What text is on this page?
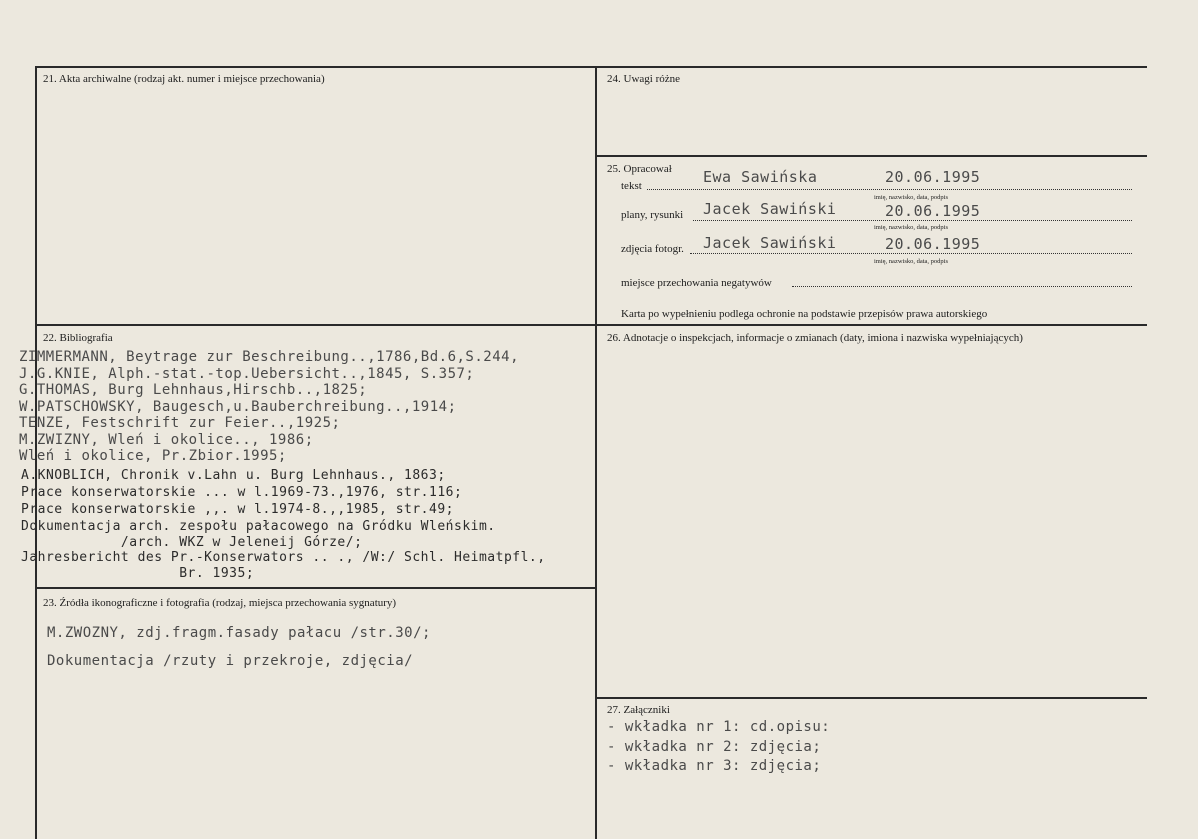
21. Akta archiwalne (rodzaj akt. numer i miejsce przechowania)	24. Uwagi różne
25. Opracował
tekst	Ewa Sawińska	20.06.1995
imię, nazwisko, data, podpis
plany, rysunki Jacek Sawiński	20.06.1995
imię, nazwisko, data, podpis
zdjęcia fotogr. Jacek Sawiński	20.06.1995
imię, nazwisko, data, podpis
miejsce przechowania negatywów
Karta po wypełnieniu podlega ochronie na podstawie przepisów prawa autorskiego
22. Bibliografia
ZIMMERMANN, Beytrage zur Beschreibung..,1786,Bd.6,S.244,
J.G.KNIE, Alph.-stat.-top.Uebersicht..,1845, S.357;
G.THOMAS, Burg Lehnhaus,Hirschb..,1825;
W.PATSCHOWSKY, Baugesch,u.Bauberchreibung..,1914;
TENZE, Festschrift zur Feier..,1925;
M.ZWIZNY, Wleń i okolice.., 1986;
Wleń i okolice, Pr.Zbior.1995;
A.KNOBLICH, Chronik v.Lahn u. Burg Lehnhaus., 1863;
Prace konserwatorskie ... w l.1969-73.,1976, str.116;
Prace konserwatorskie ,,. w l.1974-8.,,1985, str.49;
Dokumentacja arch. zespołu pałacowego na Gródku Wleńskim.
/arch. WKZ w Jeleneij Górze/;
Jahresbericht des Pr.-Konserwators .. ., /W:/ Schl. Heimatpfl.,
Br. 1935;
23. Źródła ikonograficzne i fotografia (rodzaj, miejsca przechowania sygnatury)
M.ZWOZNY, zdj.fragm.fasady pałacu /str.30/;
Dokumentacja /rzuty i przekroje, zdjęcia/
26. Adnotacje o inspekcjach, informacje o zmianach (daty, imiona i nazwiska wypełniających)
27. Załączniki
- wkładka nr 1: cd.opisu:
- wkładka nr 2: zdjęcia;
- wkładka nr 3: zdjęcia;
